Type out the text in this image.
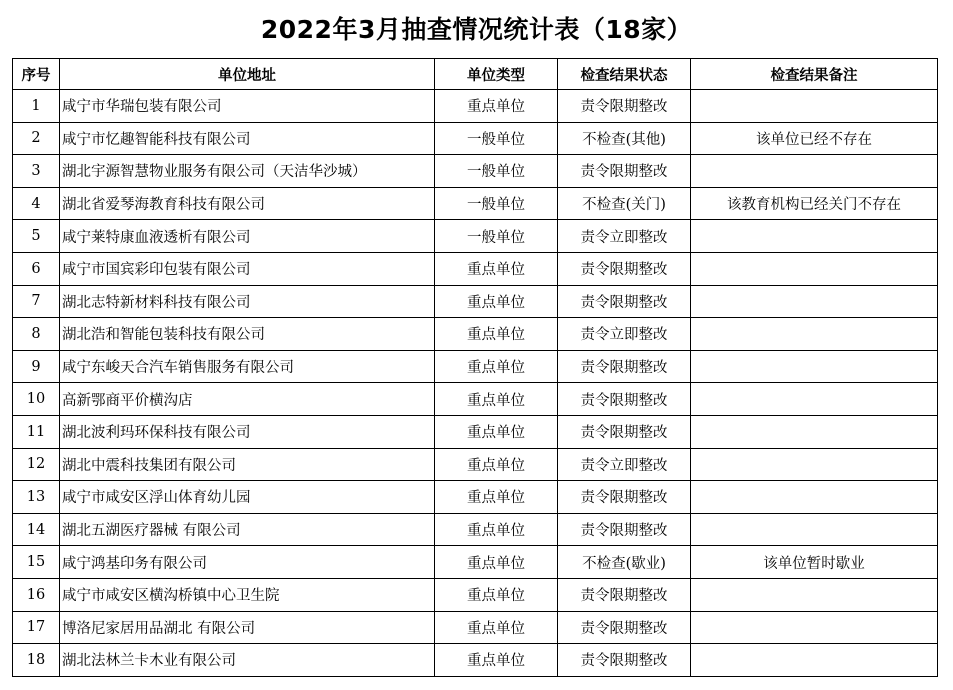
2022年3月抽查情况统计表（18家）
序号	单位地址	单位类型	检查结果状态	检查结果备注
1	咸宁市华瑞包装有限公司	重点单位	责令限期整改	
2	咸宁市忆趣智能科技有限公司	一般单位	不检查(其他)	该单位已经不存在
3	湖北宇源智慧物业服务有限公司（天洁华沙城）	一般单位	责令限期整改	
4	湖北省爱琴海教育科技有限公司	一般单位	不检查(关门)	该教育机构已经关门不存在
5	咸宁莱特康血液透析有限公司	一般单位	责令立即整改	
6	咸宁市国宾彩印包装有限公司	重点单位	责令限期整改	
7	湖北志特新材料科技有限公司	重点单位	责令限期整改	
8	湖北浩和智能包装科技有限公司	重点单位	责令立即整改	
9	咸宁东峻天合汽车销售服务有限公司	重点单位	责令限期整改	
10	高新鄂商平价横沟店	重点单位	责令限期整改	
11	湖北波利玛环保科技有限公司	重点单位	责令限期整改	
12	湖北中震科技集团有限公司	重点单位	责令立即整改	
13	咸宁市咸安区浮山体育幼儿园	重点单位	责令限期整改	
14	湖北五湖医疗器械 有限公司	重点单位	责令限期整改	
15	咸宁鸿基印务有限公司	重点单位	不检查(歇业)	该单位暂时歇业
16	咸宁市咸安区横沟桥镇中心卫生院	重点单位	责令限期整改	
17	博洛尼家居用品湖北 有限公司	重点单位	责令限期整改	
18	湖北法林兰卡木业有限公司	重点单位	责令限期整改	
